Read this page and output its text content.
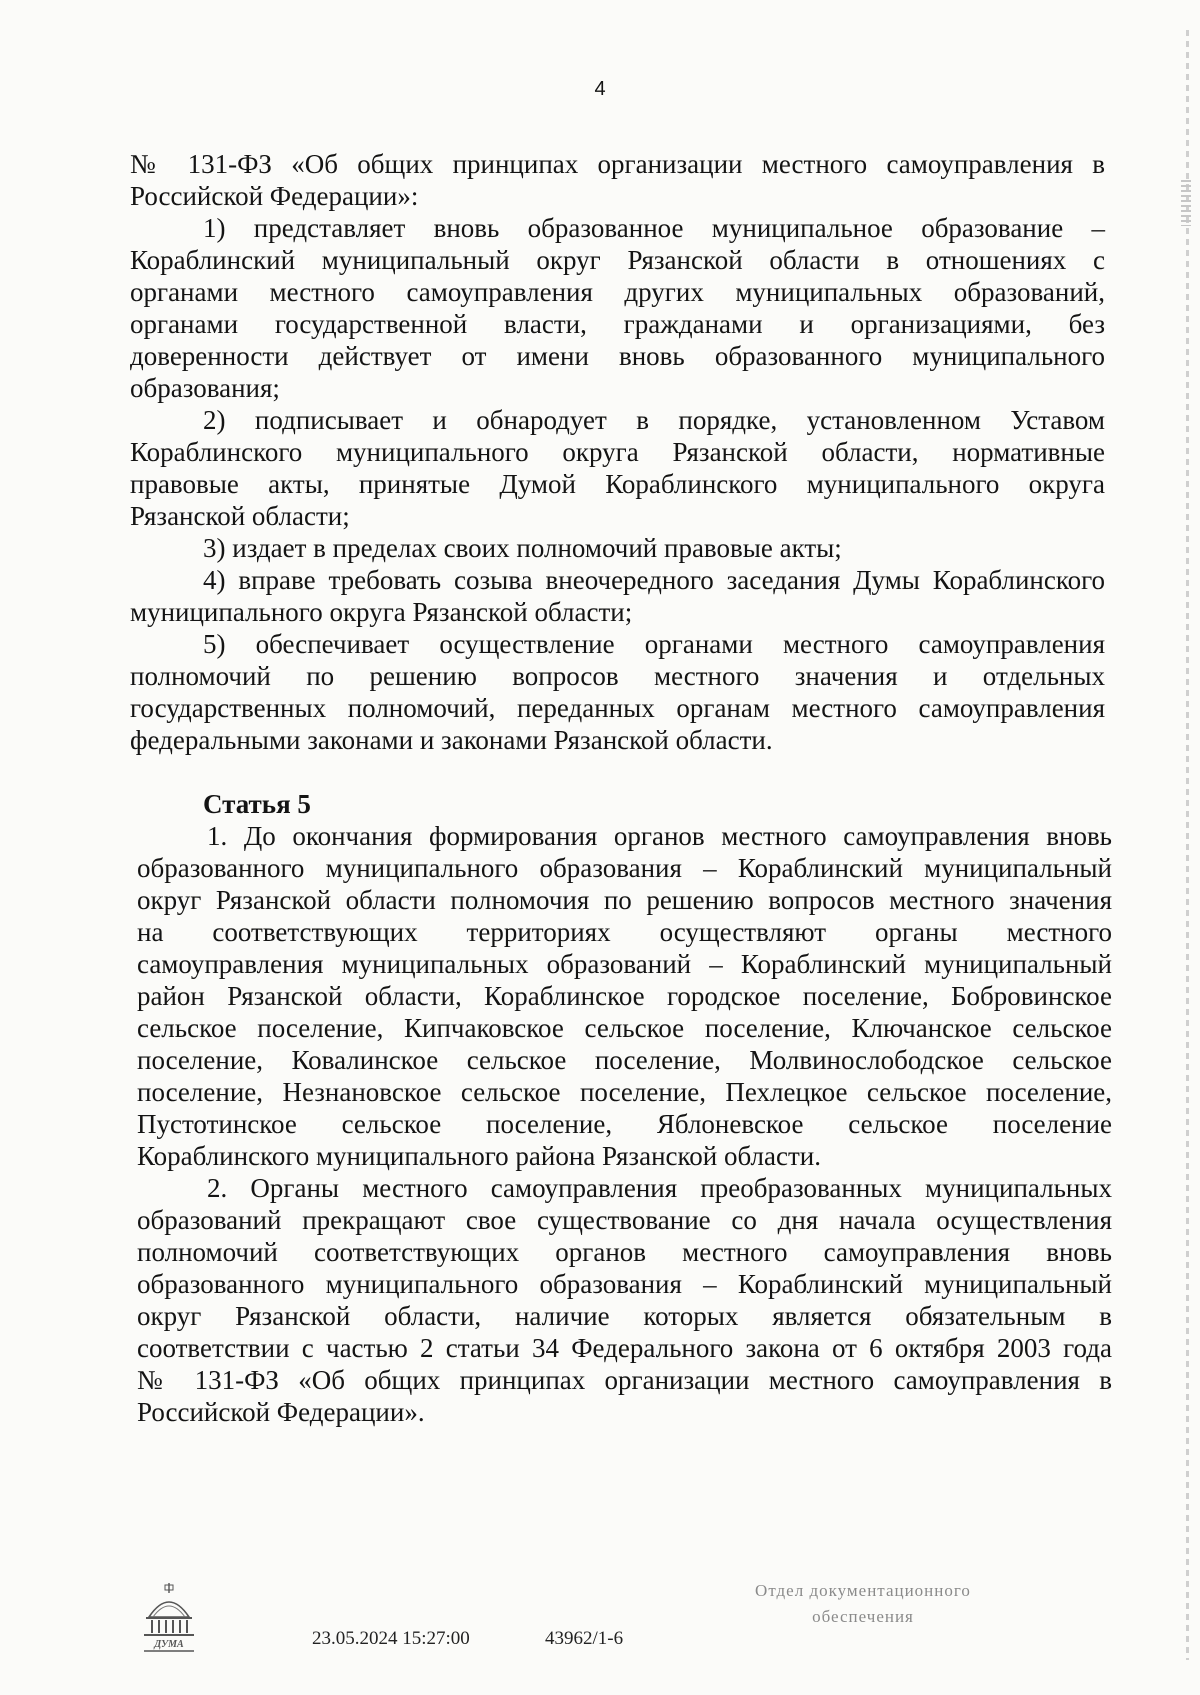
4
№ 131-ФЗ «Об общих принципах организации местного самоуправления в
Российской Федерации»:
1) представляет вновь образованное муниципальное образование –
Кораблинский муниципальный округ Рязанской области в отношениях с
органами местного самоуправления других муниципальных образований,
органами государственной власти, гражданами и организациями, без
доверенности действует от имени вновь образованного муниципального
образования;
2) подписывает и обнародует в порядке, установленном Уставом
Кораблинского муниципального округа Рязанской области, нормативные
правовые акты, принятые Думой Кораблинского муниципального округа
Рязанской области;
3) издает в пределах своих полномочий правовые акты;
4) вправе требовать созыва внеочередного заседания Думы Кораблинского
муниципального округа Рязанской области;
5) обеспечивает осуществление органами местного самоуправления
полномочий по решению вопросов местного значения и отдельных
государственных полномочий, переданных органам местного самоуправления
федеральными законами и законами Рязанской области.
Статья 5
1. До окончания формирования органов местного самоуправления вновь
образованного муниципального образования – Кораблинский муниципальный
округ Рязанской области полномочия по решению вопросов местного значения
на соответствующих территориях осуществляют органы местного
самоуправления муниципальных образований – Кораблинский муниципальный
район Рязанской области, Кораблинское городское поселение, Бобровинское
сельское поселение, Кипчаковское сельское поселение, Ключанское сельское
поселение, Ковалинское сельское поселение, Молвинослободское сельское
поселение, Незнановское сельское поселение, Пехлецкое сельское поселение,
Пустотинское сельское поселение, Яблоневское сельское поселение
Кораблинского муниципального района Рязанской области.
2. Органы местного самоуправления преобразованных муниципальных
образований прекращают свое существование со дня начала осуществления
полномочий соответствующих органов местного самоуправления вновь
образованного муниципального образования – Кораблинский муниципальный
округ Рязанской области, наличие которых является обязательным в
соответствии с частью 2 статьи 34 Федерального закона от 6 октября 2003 года
№ 131-ФЗ «Об общих принципах организации местного самоуправления в
Российской Федерации».
ДУМА	23.05.2024 15:27:00	43962/1-6
Отдел документационного
обеспечения
